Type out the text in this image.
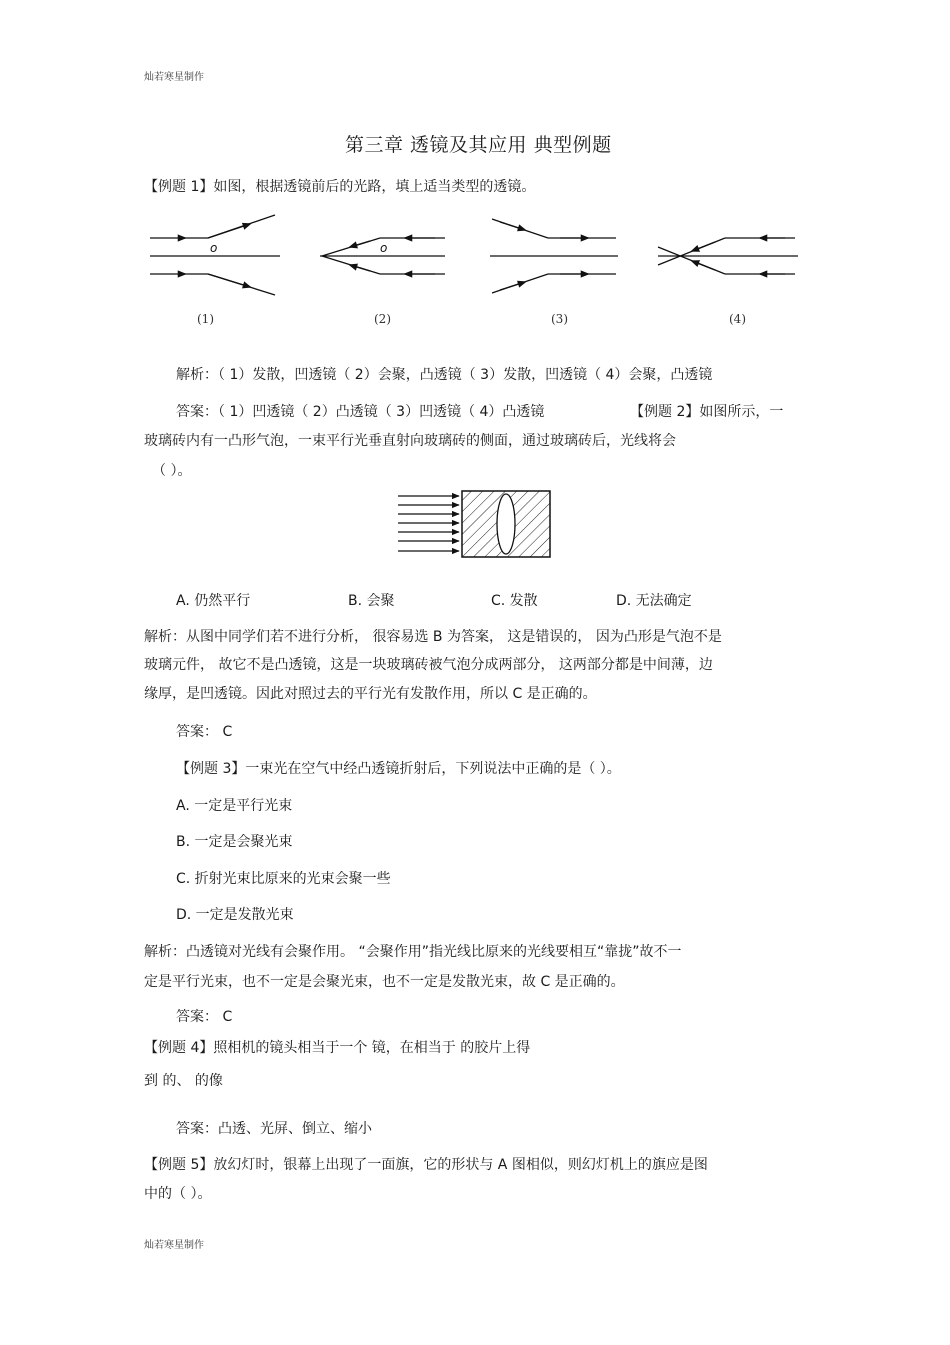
灿若寒星制作
灿若寒星制作
第三章 透镜及其应用 典型例题
【例题 1】如图，根据透镜前后的光路，填上适当类型的透镜。
o	o
(1)	(2)	(3)	(4)
解析：（ 1）发散，凹透镜（ 2）会聚，凸透镜（ 3）发散，凹透镜（ 4）会聚，凸透镜
答案：（ 1）凹透镜（ 2）凸透镜（ 3）凹透镜（ 4）凸透镜	【例题 2】如图所示，一
玻璃砖内有一凸形气泡，一束平行光垂直射向玻璃砖的侧面，通过玻璃砖后，光线将会
（ ）。
A. 仍然平行	B. 会聚	C. 发散	D. 无法确定
解析：从图中同学们若不进行分析， 很容易选 B 为答案， 这是错误的， 因为凸形是气泡不是
玻璃元件， 故它不是凸透镜，这是一块玻璃砖被气泡分成两部分， 这两部分都是中间薄，边
缘厚，是凹透镜。因此对照过去的平行光有发散作用，所以 C 是正确的。
答案： C
【例题 3】一束光在空气中经凸透镜折射后，下列说法中正确的是（ ）。
A. 一定是平行光束
B. 一定是会聚光束
C. 折射光束比原来的光束会聚一些
D. 一定是发散光束
解析：凸透镜对光线有会聚作用。 “会聚作用”指光线比原来的光线要相互“靠拢”故不一
定是平行光束，也不一定是会聚光束，也不一定是发散光束，故 C 是正确的。
答案： C
【例题 4】照相机的镜头相当于一个 镜，在相当于 的胶片上得
到 的、 的像
答案：凸透、光屏、倒立、缩小
【例题 5】放幻灯时，银幕上出现了一面旗，它的形状与 A 图相似，则幻灯机上的旗应是图
中的（ ）。
